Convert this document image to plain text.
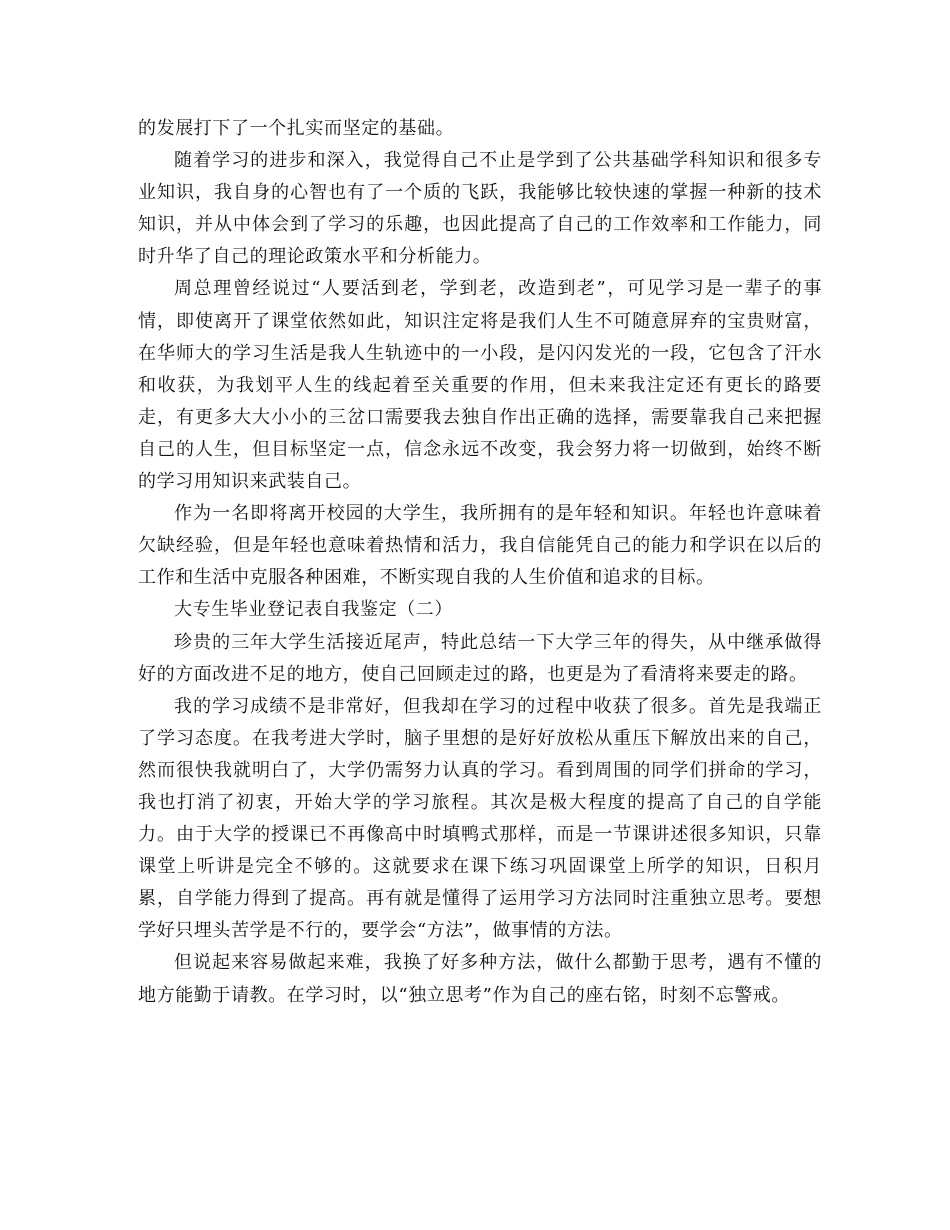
的发展打下了一个扎实而坚定的基础。

随着学习的进步和深入，我觉得自己不止是学到了公共基础学科知识和很多专业知识，我自身的心智也有了一个质的飞跃，我能够比较快速的掌握一种新的技术知识，并从中体会到了学习的乐趣，也因此提高了自己的工作效率和工作能力，同时升华了自己的理论政策水平和分析能力。

周总理曾经说过“人要活到老，学到老，改造到老”，可见学习是一辈子的事情，即使离开了课堂依然如此，知识注定将是我们人生不可随意屏弃的宝贵财富，在华师大的学习生活是我人生轨迹中的一小段，是闪闪发光的一段，它包含了汗水和收获，为我划平人生的线起着至关重要的作用，但未来我注定还有更长的路要走，有更多大大小小的三岔口需要我去独自作出正确的选择，需要靠我自己来把握自己的人生，但目标坚定一点，信念永远不改变，我会努力将一切做到，始终不断的学习用知识来武装自己。

作为一名即将离开校园的大学生，我所拥有的是年轻和知识。年轻也许意味着欠缺经验，但是年轻也意味着热情和活力，我自信能凭自己的能力和学识在以后的工作和生活中克服各种困难，不断实现自我的人生价值和追求的目标。

大专生毕业登记表自我鉴定（二）

珍贵的三年大学生活接近尾声，特此总结一下大学三年的得失，从中继承做得好的方面改进不足的地方，使自己回顾走过的路，也更是为了看清将来要走的路。

我的学习成绩不是非常好，但我却在学习的过程中收获了很多。首先是我端正了学习态度。在我考进大学时，脑子里想的是好好放松从重压下解放出来的自己，然而很快我就明白了，大学仍需努力认真的学习。看到周围的同学们拼命的学习，我也打消了初衷，开始大学的学习旅程。其次是极大程度的提高了自己的自学能力。由于大学的授课已不再像高中时填鸭式那样，而是一节课讲述很多知识，只靠课堂上听讲是完全不够的。这就要求在课下练习巩固课堂上所学的知识，日积月累，自学能力得到了提高。再有就是懂得了运用学习方法同时注重独立思考。要想学好只埋头苦学是不行的，要学会“方法”，做事情的方法。

但说起来容易做起来难，我换了好多种方法，做什么都勤于思考，遇有不懂的地方能勤于请教。在学习时，以“独立思考”作为自己的座右铭，时刻不忘警戒。
